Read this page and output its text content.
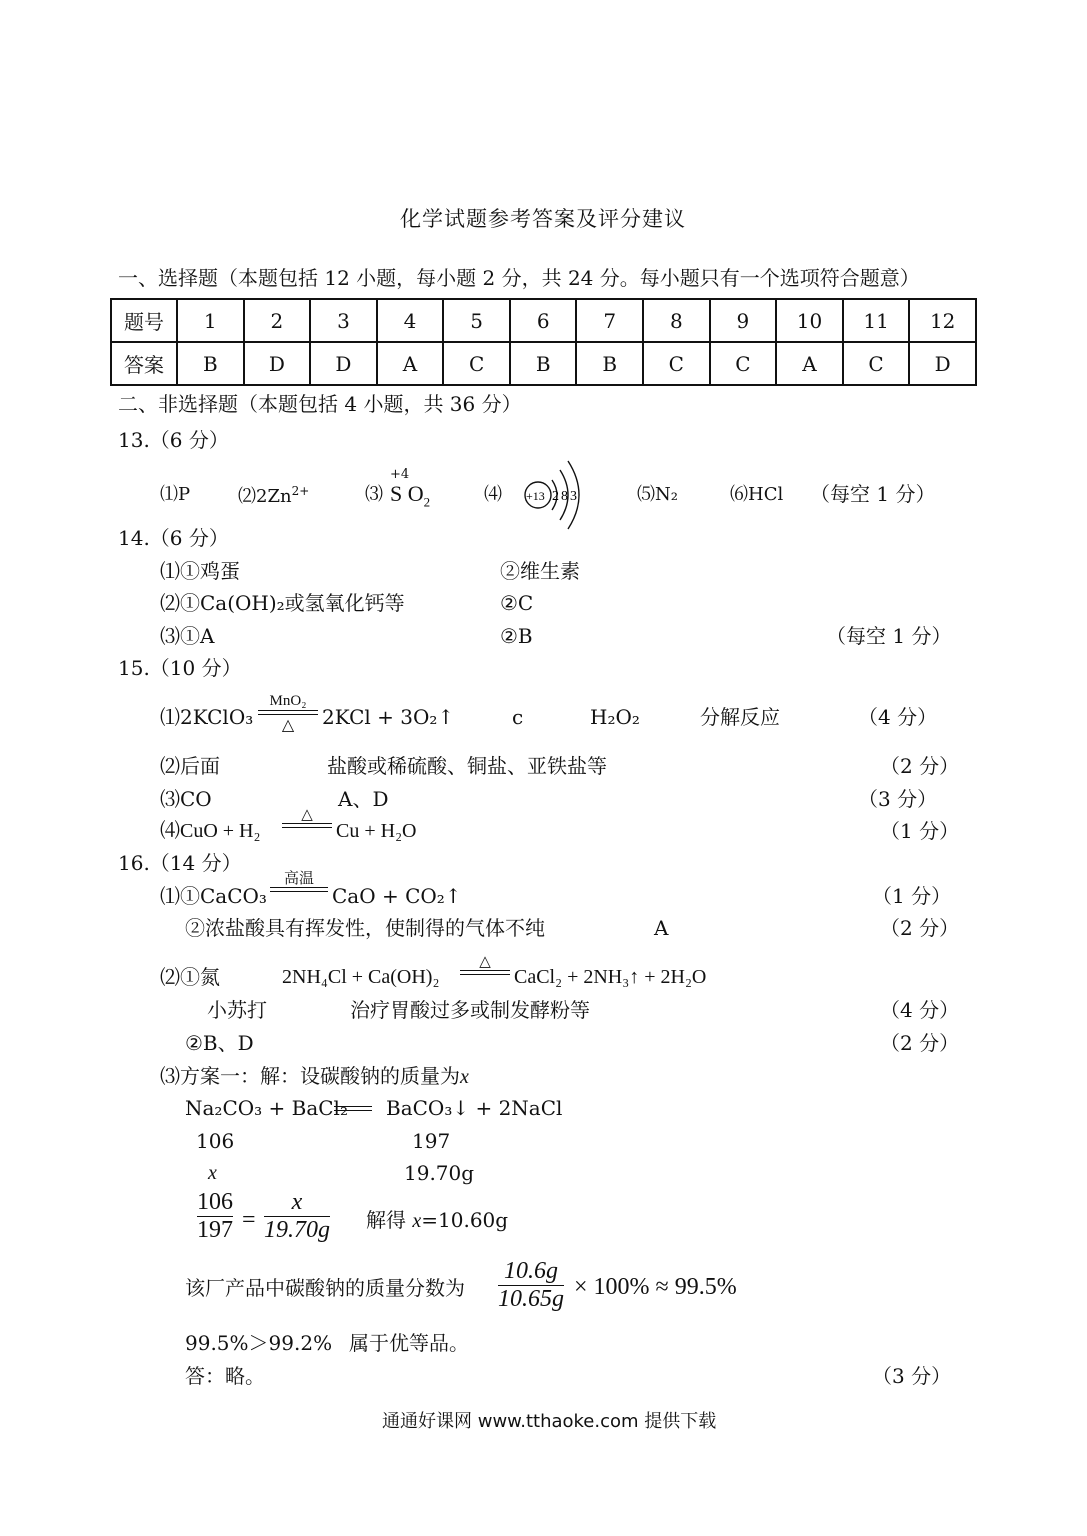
化学试题参考答案及评分建议
一、选择题（本题包括 12 小题，每小题 2 分，共 24 分。每小题只有一个选项符合题意）
题号	1	2	3	4	5	6	7	8	9	10	11	12
答案	B	D	D	A	C	B	B	C	C	A	C	D
二、非选择题（本题包括 4 小题，共 36 分）
13.（6 分）
⑴P	$⑵2Zn^{2+}$	⑶
+4
S $O_2$	⑷ +13 283	⑸N₂	⑹HCl （每空 1 分）
14.（6 分）
⑴①鸡蛋	②维生素
⑵①Ca(OH)₂或氢氧化钙等	②C
⑶①A	②B	（每空 1 分）
15.（10 分）
⑴2KClO₃
MnO₂
△	2KCl + 3O₂↑	c	H₂O₂	分解反应	（4 分）
⑵后面	盐酸或稀硫酸、铜盐、亚铁盐等	（2 分）
⑶CO	A、D	（3 分）
⑷CuO + H₂
△
Cu + H₂O	（1 分）
16.（14 分）
⑴①CaCO₃
高温
CaO + CO₂↑	（1 分）
②浓盐酸具有挥发性，使制得的气体不纯	A	（2 分）
⑵①氮	2NH₄Cl + Ca(OH)₂
△
CaCl₂ + 2NH₃↑ + 2H₂O
小苏打	治疗胃酸过多或制发酵粉等	（4 分）
②B、D	（2 分）
⑶方案一：解：设碳酸钠的质量为x
Na₂CO₃ + BaCl₂ BaCO₃↓ + 2NaCl
106	197
x	19.70g
106
197 =
x
19.70g 解得 x=10.60g
该厂产品中碳酸钠的质量分数为
10.6g
10.65g × 100% ≈ 99.5%
99.5%＞99.2% 属于优等品。
答：略。	（3 分）
通通好课网 www.tthaoke.com 提供下载
